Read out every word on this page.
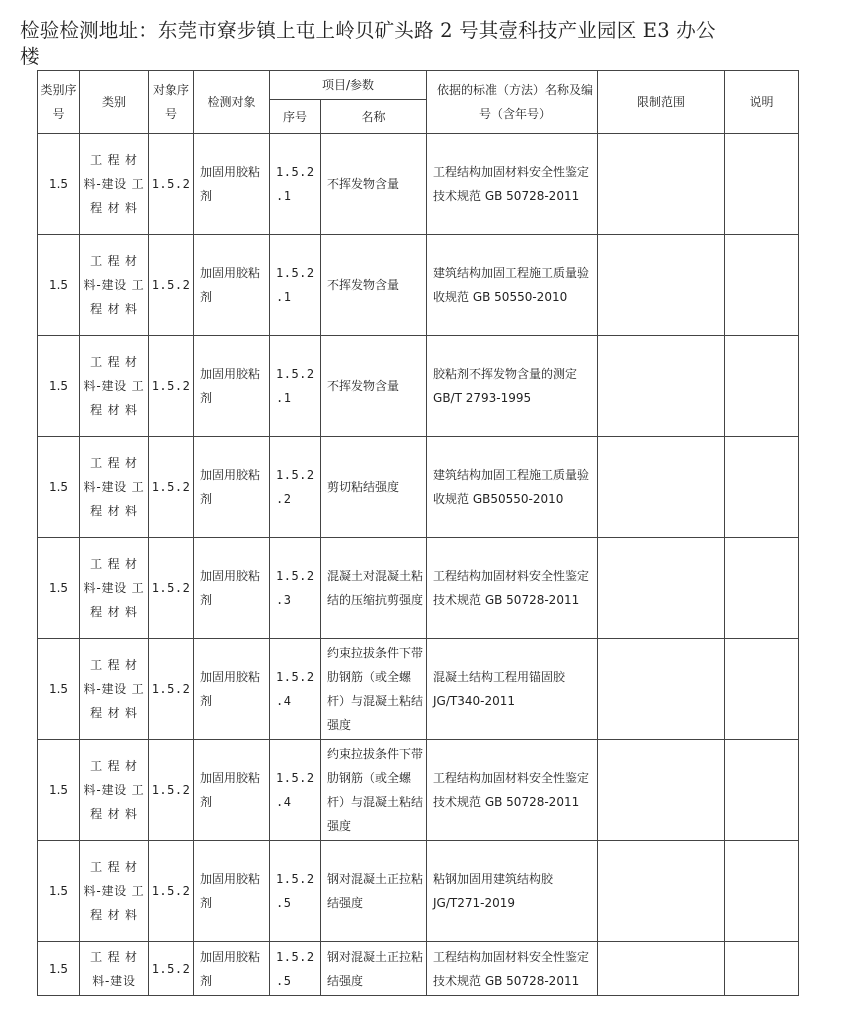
检验检测地址：东莞市寮步镇上屯上岭贝矿头路 2 号其壹科技产业园区 E3 办公
楼
类别序号	类别	对象序号	检测对象	项目/参数		依据的标准（方法）名称及编号（含年号）	限制范围	说明
				序号	名称			
1.5	工 程 材 料-建设 工 程 材 料	1.5.2	加固用胶粘剂	1.5.2 .1	不挥发物含量	工程结构加固材料安全性鉴定技术规范 GB 50728-2011		
1.5	工 程 材 料-建设 工 程 材 料	1.5.2	加固用胶粘剂	1.5.2 .1	不挥发物含量	建筑结构加固工程施工质量验收规范 GB 50550-2010		
1.5	工 程 材 料-建设 工 程 材 料	1.5.2	加固用胶粘剂	1.5.2 .1	不挥发物含量	胶粘剂不挥发物含量的测定 GB/T 2793-1995		
1.5	工 程 材 料-建设 工 程 材 料	1.5.2	加固用胶粘剂	1.5.2 .2	剪切粘结强度	建筑结构加固工程施工质量验收规范 GB50550-2010		
1.5	工 程 材 料-建设 工 程 材 料	1.5.2	加固用胶粘剂	1.5.2 .3	混凝土对混凝土粘结的压缩抗剪强度	工程结构加固材料安全性鉴定技术规范 GB 50728-2011		
1.5	工 程 材 料-建设 工 程 材 料	1.5.2	加固用胶粘剂	1.5.2 .4	约束拉拔条件下带肋钢筋（或全螺杆）与混凝土粘结强度	混凝土结构工程用锚固胶 JG/T340-2011		
1.5	工 程 材 料-建设 工 程 材 料	1.5.2	加固用胶粘剂	1.5.2 .4	约束拉拔条件下带肋钢筋（或全螺杆）与混凝土粘结强度	工程结构加固材料安全性鉴定技术规范 GB 50728-2011		
1.5	工 程 材 料-建设 工 程 材 料	1.5.2	加固用胶粘剂	1.5.2 .5	钢对混凝土正拉粘结强度	粘钢加固用建筑结构胶 JG/T271-2019		
1.5	工 程 材 料-建设	1.5.2	加固用胶粘剂	1.5.2 .5	钢对混凝土正拉粘结强度	工程结构加固材料安全性鉴定技术规范 GB 50728-2011		
